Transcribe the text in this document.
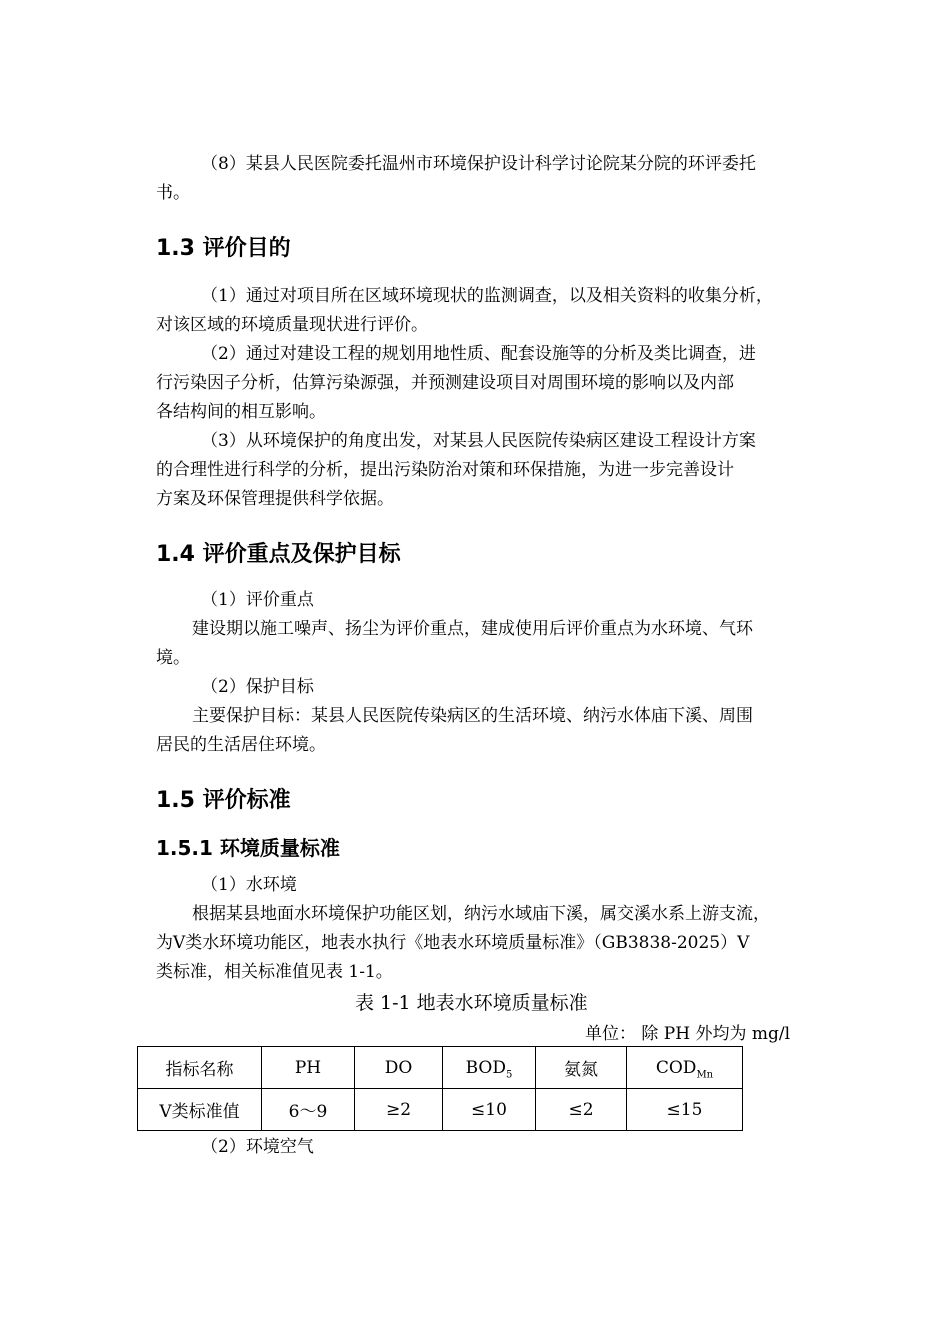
（8）某县人民医院委托温州市环境保护设计科学讨论院某分院的环评委托
书。
1.3 评价目的
（1）通过对项目所在区域环境现状的监测调查，以及相关资料的收集分析，
对该区域的环境质量现状进行评价。
（2）通过对建设工程的规划用地性质、配套设施等的分析及类比调查，进
行污染因子分析，估算污染源强，并预测建设项目对周围环境的影响以及内部
各结构间的相互影响。
（3）从环境保护的角度出发，对某县人民医院传染病区建设工程设计方案
的合理性进行科学的分析，提出污染防治对策和环保措施，为进一步完善设计
方案及环保管理提供科学依据。
1.4 评价重点及保护目标
（1）评价重点
建设期以施工噪声、扬尘为评价重点，建成使用后评价重点为水环境、气环
境。
（2）保护目标
主要保护目标：某县人民医院传染病区的生活环境、纳污水体庙下溪、周围
居民的生活居住环境。
1.5 评价标准
1.5.1 环境质量标准
（1）水环境
根据某县地面水环境保护功能区划，纳污水域庙下溪，属交溪水系上游支流，
为Ⅴ类水环境功能区，地表水执行《地表水环境质量标准》（GB3838-2025）Ⅴ
类标准，相关标准值见表 1-1。
表 1-1 地表水环境质量标准
单位： 除 PH 外均为 mg/l
指标名称	PH	DO	$BOD_5$	氨氮	$COD_{Mn}$
Ⅴ类标准值	6～9	≥2	≤10	≤2	≤15
（2）环境空气
